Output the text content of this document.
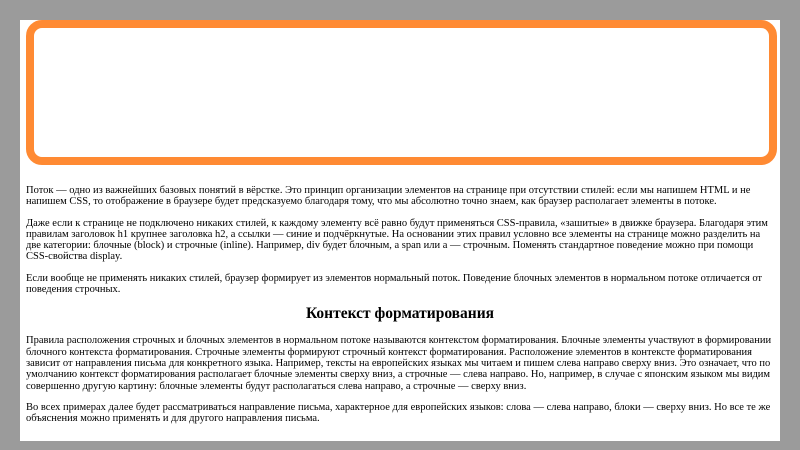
Поток — одно из важнейших базовых понятий в вёрстке. Это принцип организации элементов на странице при отсутствии стилей: если мы напишем HTML и не напишем CSS, то отображение в браузере будет предсказуемо благодаря тому, что мы абсолютно точно знаем, как браузер располагает элементы в потоке.

Даже если к странице не подключено никаких стилей, к каждому элементу всё равно будут применяться CSS-правила, «зашитые» в движке браузера. Благодаря этим правилам заголовок h1 крупнее заголовка h2, а ссылки — синие и подчёркнутые. На основании этих правил условно все элементы на странице можно разделить на две категории: блочные (block) и строчные (inline). Например, div будет блочным, а span или a — строчным. Поменять стандартное поведение можно при помощи CSS-свойства display.

Если вообще не применять никаких стилей, браузер формирует из элементов нормальный поток. Поведение блочных элементов в нормальном потоке отличается от поведения строчных.

Контекст форматирования

Правила расположения строчных и блочных элементов в нормальном потоке называются контекстом форматирования. Блочные элементы участвуют в формировании блочного контекста форматирования. Строчные элементы формируют строчный контекст форматирования. Расположение элементов в контексте форматирования зависит от направления письма для конкретного языка. Например, тексты на европейских языках мы читаем и пишем слева направо сверху вниз. Это означает, что по умолчанию контекст форматирования располагает блочные элементы сверху вниз, а строчные — слева направо. Но, например, в случае с японским языком мы видим совершенно другую картину: блочные элементы будут располагаться слева направо, а строчные — сверху вниз.

Во всех примерах далее будет рассматриваться направление письма, характерное для европейских языков: слова — слева направо, блоки — сверху вниз. Но все те же объяснения можно применять и для другого направления письма.
